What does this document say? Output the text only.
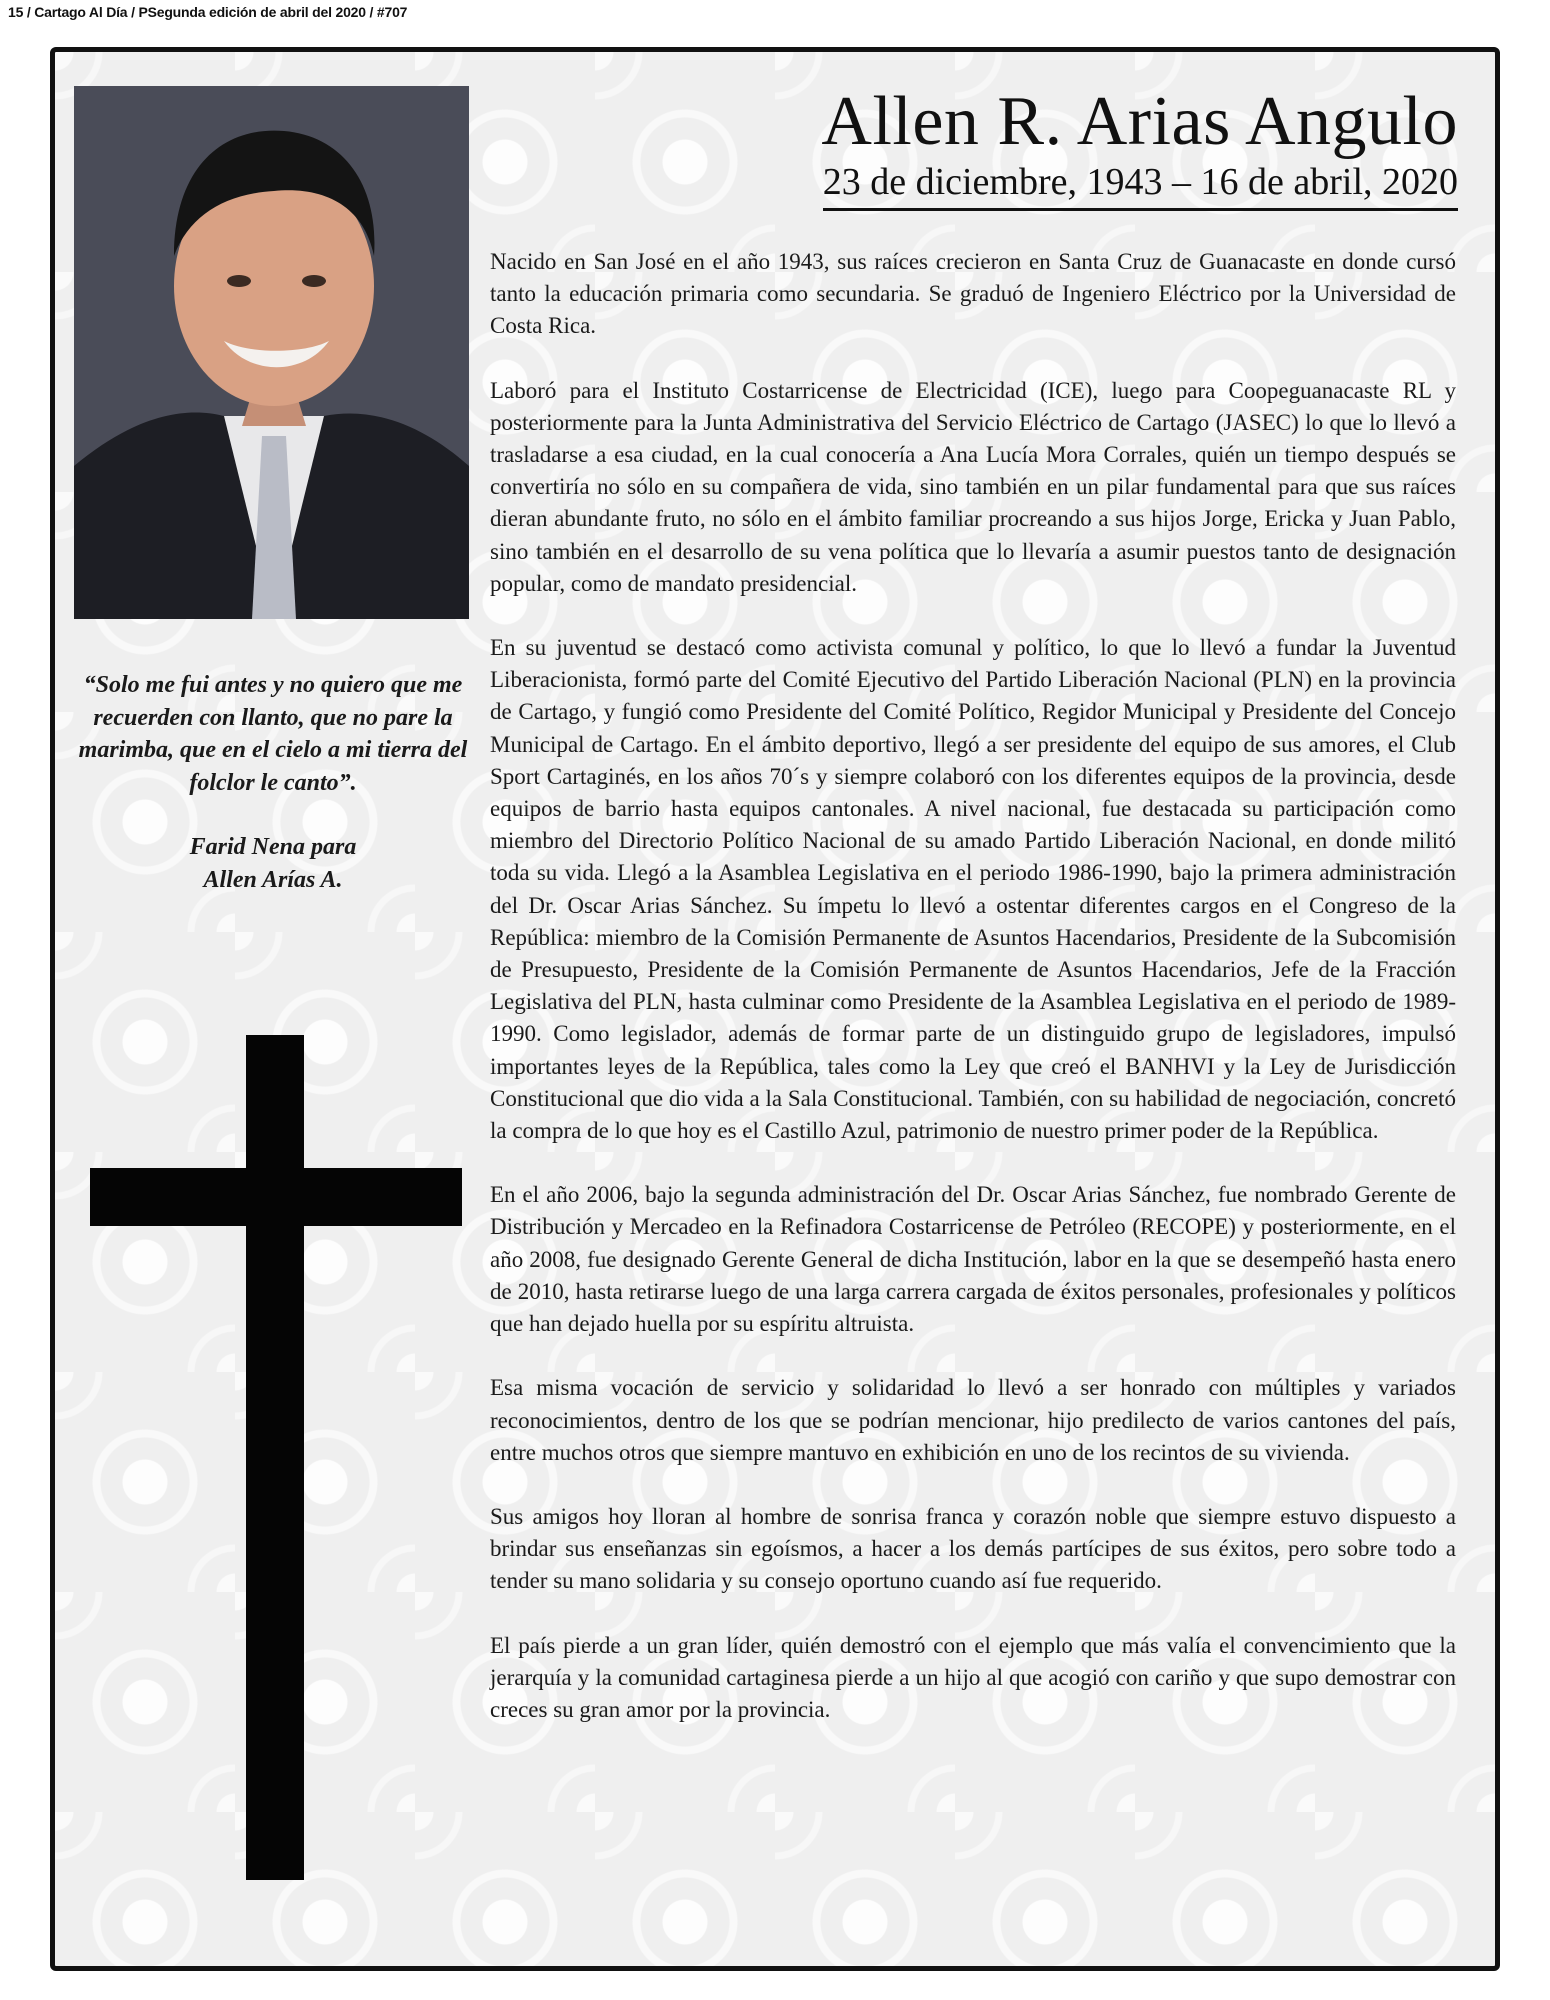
15 / Cartago Al Día / PSegunda edición de abril del 2020 / #707
Allen R. Arias Angulo
23 de diciembre, 1943 – 16 de abril, 2020

Nacido en San José en el año 1943, sus raíces crecieron en Santa Cruz de Guanacaste en donde cursó tanto la educación primaria como secundaria. Se graduó de Ingeniero Eléctrico por la Universidad de Costa Rica.

Laboró para el Instituto Costarricense de Electricidad (ICE), luego para Coopeguanacaste RL y posteriormente para la Junta Administrativa del Servicio Eléctrico de Cartago (JASEC) lo que lo llevó a trasladarse a esa ciudad, en la cual conocería a Ana Lucía Mora Corrales, quién un tiempo después se convertiría no sólo en su compañera de vida, sino también en un pilar fundamental para que sus raíces dieran abundante fruto, no sólo en el ámbito familiar procreando a sus hijos Jorge, Ericka y Juan Pablo, sino también en el desarrollo de su vena política que lo llevaría a asumir puestos tanto de designación popular, como de mandato presidencial.

En su juventud se destacó como activista comunal y político, lo que lo llevó a fundar la Juventud Liberacionista, formó parte del Comité Ejecutivo del Partido Liberación Nacional (PLN) en la provincia de Cartago, y fungió como Presidente del Comité Político, Regidor Municipal y Presidente del Concejo Municipal de Cartago. En el ámbito deportivo, llegó a ser presidente del equipo de sus amores, el Club Sport Cartaginés, en los años 70´s y siempre colaboró con los diferentes equipos de la provincia, desde equipos de barrio hasta equipos cantonales. A nivel nacional, fue destacada su participación como miembro del Directorio Político Nacional de su amado Partido Liberación Nacional, en donde militó toda su vida. Llegó a la Asamblea Legislativa en el periodo 1986-1990, bajo la primera administración del Dr. Oscar Arias Sánchez. Su ímpetu lo llevó a ostentar diferentes cargos en el Congreso de la República: miembro de la Comisión Permanente de Asuntos Hacendarios, Presidente de la Subcomisión de Presupuesto, Presidente de la Comisión Permanente de Asuntos Hacendarios, Jefe de la Fracción Legislativa del PLN, hasta culminar como Presidente de la Asamblea Legislativa en el periodo de 1989-1990. Como legislador, además de formar parte de un distinguido grupo de legisladores, impulsó importantes leyes de la República, tales como la Ley que creó el BANHVI y la Ley de Jurisdicción Constitucional que dio vida a la Sala Constitucional. También, con su habilidad de negociación, concretó la compra de lo que hoy es el Castillo Azul, patrimonio de nuestro primer poder de la República.

En el año 2006, bajo la segunda administración del Dr. Oscar Arias Sánchez, fue nombrado Gerente de Distribución y Mercadeo en la Refinadora Costarricense de Petróleo (RECOPE) y posteriormente, en el año 2008, fue designado Gerente General de dicha Institución, labor en la que se desempeñó hasta enero de 2010, hasta retirarse luego de una larga carrera cargada de éxitos personales, profesionales y políticos que han dejado huella por su espíritu altruista.

Esa misma vocación de servicio y solidaridad lo llevó a ser honrado con múltiples y variados reconocimientos, dentro de los que se podrían mencionar, hijo predilecto de varios cantones del país, entre muchos otros que siempre mantuvo en exhibición en uno de los recintos de su vivienda.

Sus amigos hoy lloran al hombre de sonrisa franca y corazón noble que siempre estuvo dispuesto a brindar sus enseñanzas sin egoísmos, a hacer a los demás partícipes de sus éxitos, pero sobre todo a tender su mano solidaria y su consejo oportuno cuando así fue requerido.

El país pierde a un gran líder, quién demostró con el ejemplo que más valía el convencimiento que la jerarquía y la comunidad cartaginesa pierde a un hijo al que acogió con cariño y que supo demostrar con creces su gran amor por la provincia.

“Solo me fui antes y no quiero que me recuerden con llanto, que no pare la marimba, que en el cielo a mi tierra del folclor le canto”.
Farid Nena para
Allen Arías A.
